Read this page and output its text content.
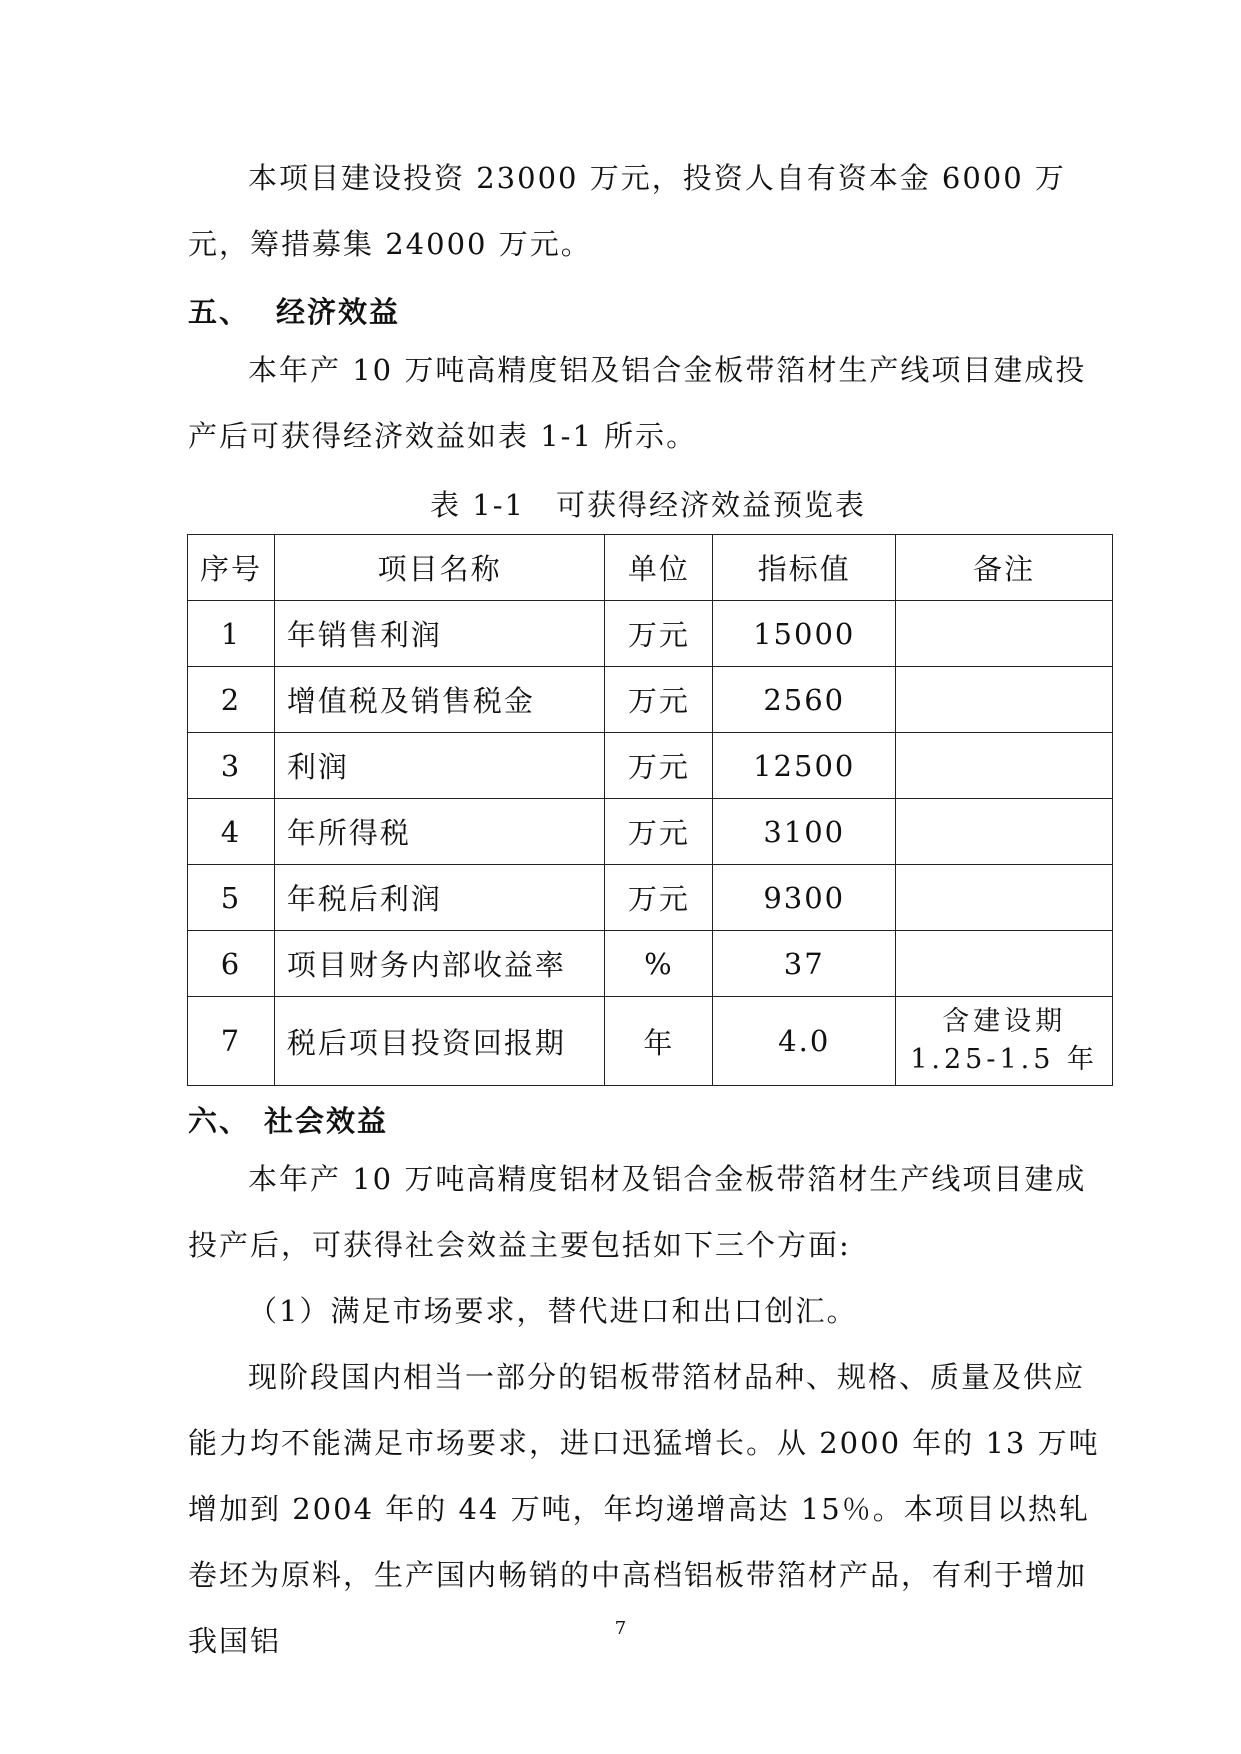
本项目建设投资 23000 万元，投资人自有资本金 6000 万元，筹措募集 24000 万元。

五、 经济效益

本年产 10 万吨高精度铝及铝合金板带箔材生产线项目建成投产后可获得经济效益如表 1-1 所示。

表 1-1　可获得经济效益预览表

序号	项目名称	单位	指标值	备注
1	年销售利润	万元	15000	
2	增值税及销售税金	万元	2560	
3	利润	万元	12500	
4	年所得税	万元	3100	
5	年税后利润	万元	9300	
6	项目财务内部收益率	%	37	
7	税后项目投资回报期	年	4.0	含建设期 1.25-1.5 年
六、 社会效益

本年产 10 万吨高精度铝材及铝合金板带箔材生产线项目建成投产后，可获得社会效益主要包括如下三个方面:

（1）满足市场要求，替代进口和出口创汇。

现阶段国内相当一部分的铝板带箔材品种、规格、质量及供应能力均不能满足市场要求，进口迅猛增长。从 2000 年的 13 万吨增加到 2004 年的 44 万吨，年均递增高达 15％。本项目以热轧卷坯为原料，生产国内畅销的中高档铝板带箔材产品，有利于增加我国铝	7
